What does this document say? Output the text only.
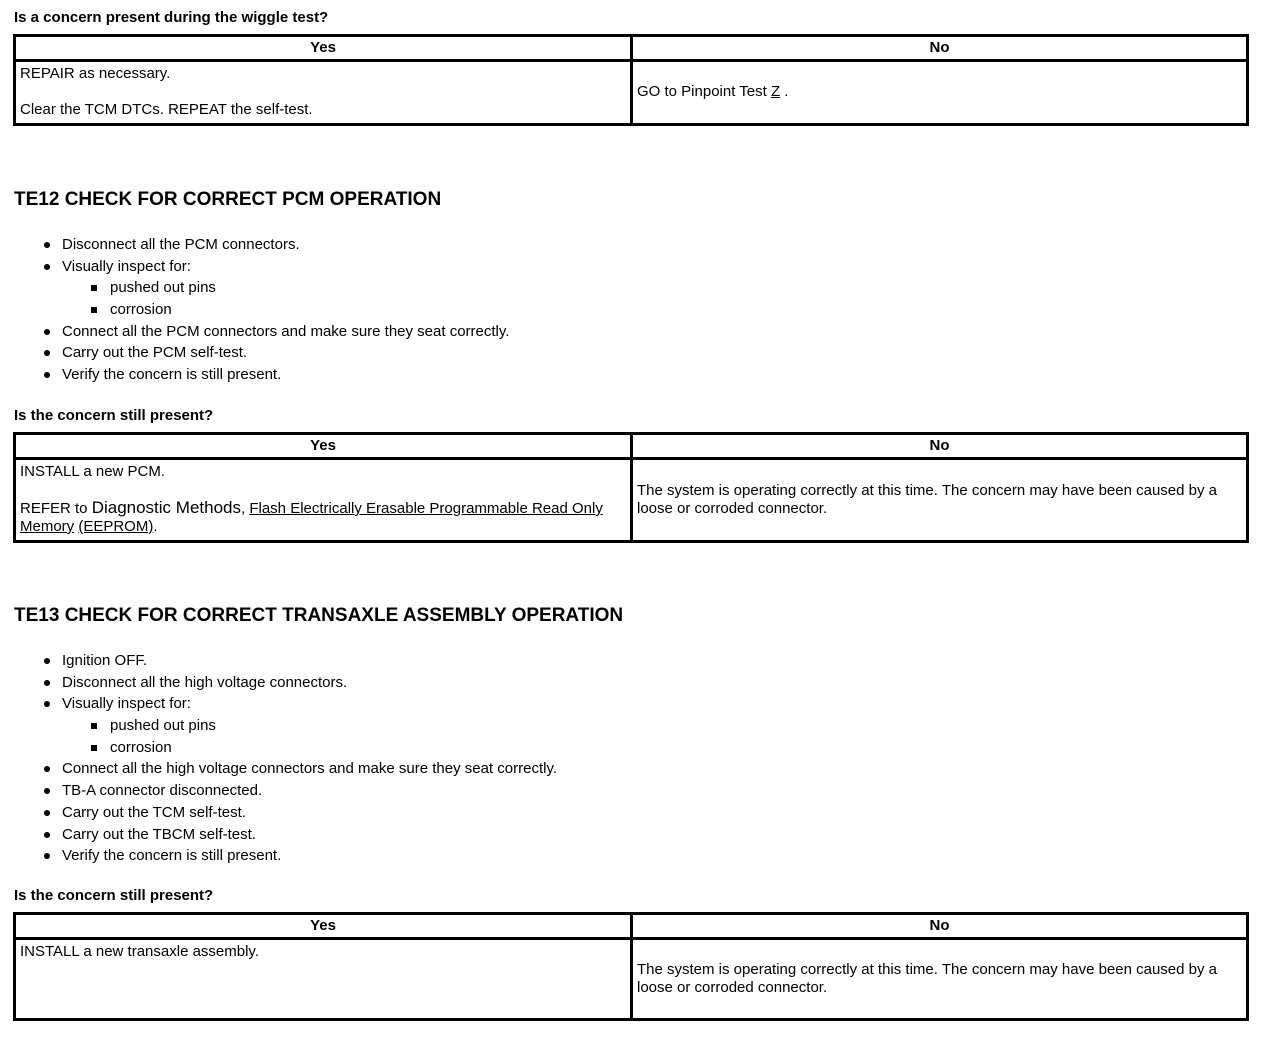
Is a concern present during the wiggle test?
Yes	No

REPAIR as necessary.
Clear the TCM DTCs. REPEAT the self-test.	GO to Pinpoint Test Z .
TE12 CHECK FOR CORRECT PCM OPERATION
Disconnect all the PCM connectors.
Visually inspect for:
pushed out pins
corrosion
Connect all the PCM connectors and make sure they seat correctly.
Carry out the PCM self-test.
Verify the concern is still present.
Is the concern still present?
Yes	No

INSTALL a new PCM.
REFER to Diagnostic Methods, Flash Electrically Erasable Programmable Read Only Memory (EEPROM).	The system is operating correctly at this time. The concern may have been caused by a loose or corroded connector.
TE13 CHECK FOR CORRECT TRANSAXLE ASSEMBLY OPERATION
Ignition OFF.
Disconnect all the high voltage connectors.
Visually inspect for:
pushed out pins
corrosion
Connect all the high voltage connectors and make sure they seat correctly.
TB-A connector disconnected.
Carry out the TCM self-test.
Carry out the TBCM self-test.
Verify the concern is still present.
Is the concern still present?
Yes	No
INSTALL a new transaxle assembly.	The system is operating correctly at this time. The concern may have been caused by a loose or corroded connector.
